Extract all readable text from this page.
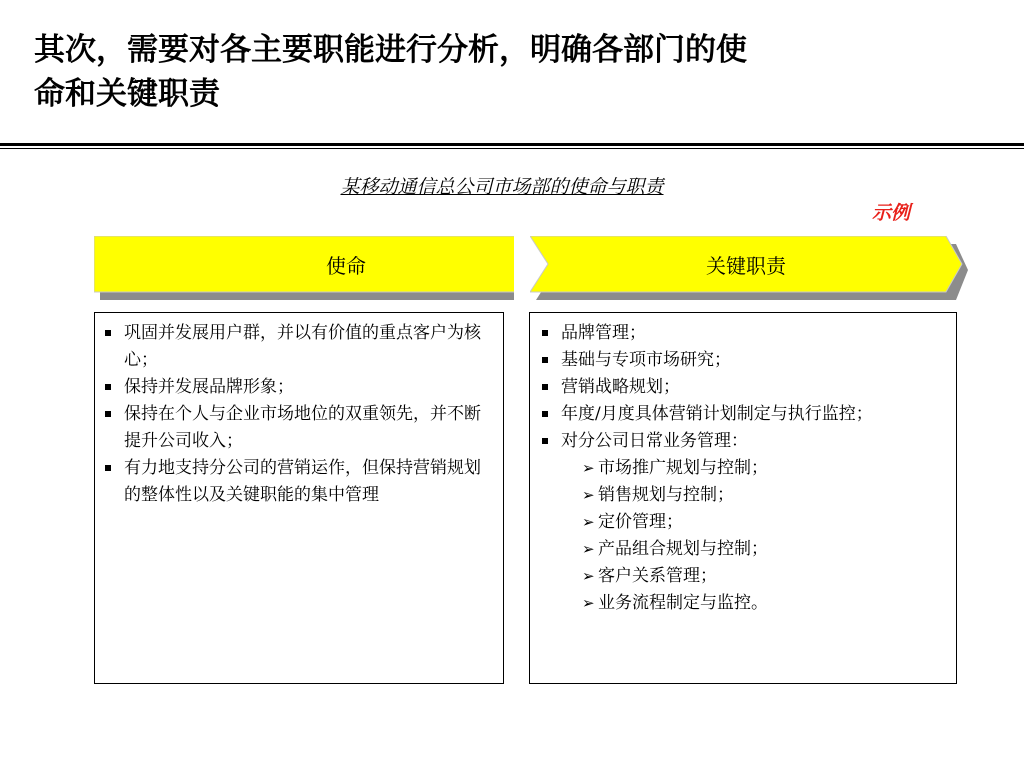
其次，需要对各主要职能进行分析，明确各部门的使
命和关键职责
某移动通信总公司市场部的使命与职责
示例
使命	关键职责
巩固并发展用户群，并以有价值的重点客户为核心；
保持并发展品牌形象；
保持在个人与企业市场地位的双重领先，并不断提升公司收入；
有力地支持分公司的营销运作，但保持营销规划的整体性以及关键职能的集中管理
品牌管理；
基础与专项市场研究；
营销战略规划；
年度/月度具体营销计划制定与执行监控；
对分公司日常业务管理：
➢ 市场推广规划与控制；
➢ 销售规划与控制；
➢ 定价管理；
➢ 产品组合规划与控制；
➢ 客户关系管理；
➢ 业务流程制定与监控。
